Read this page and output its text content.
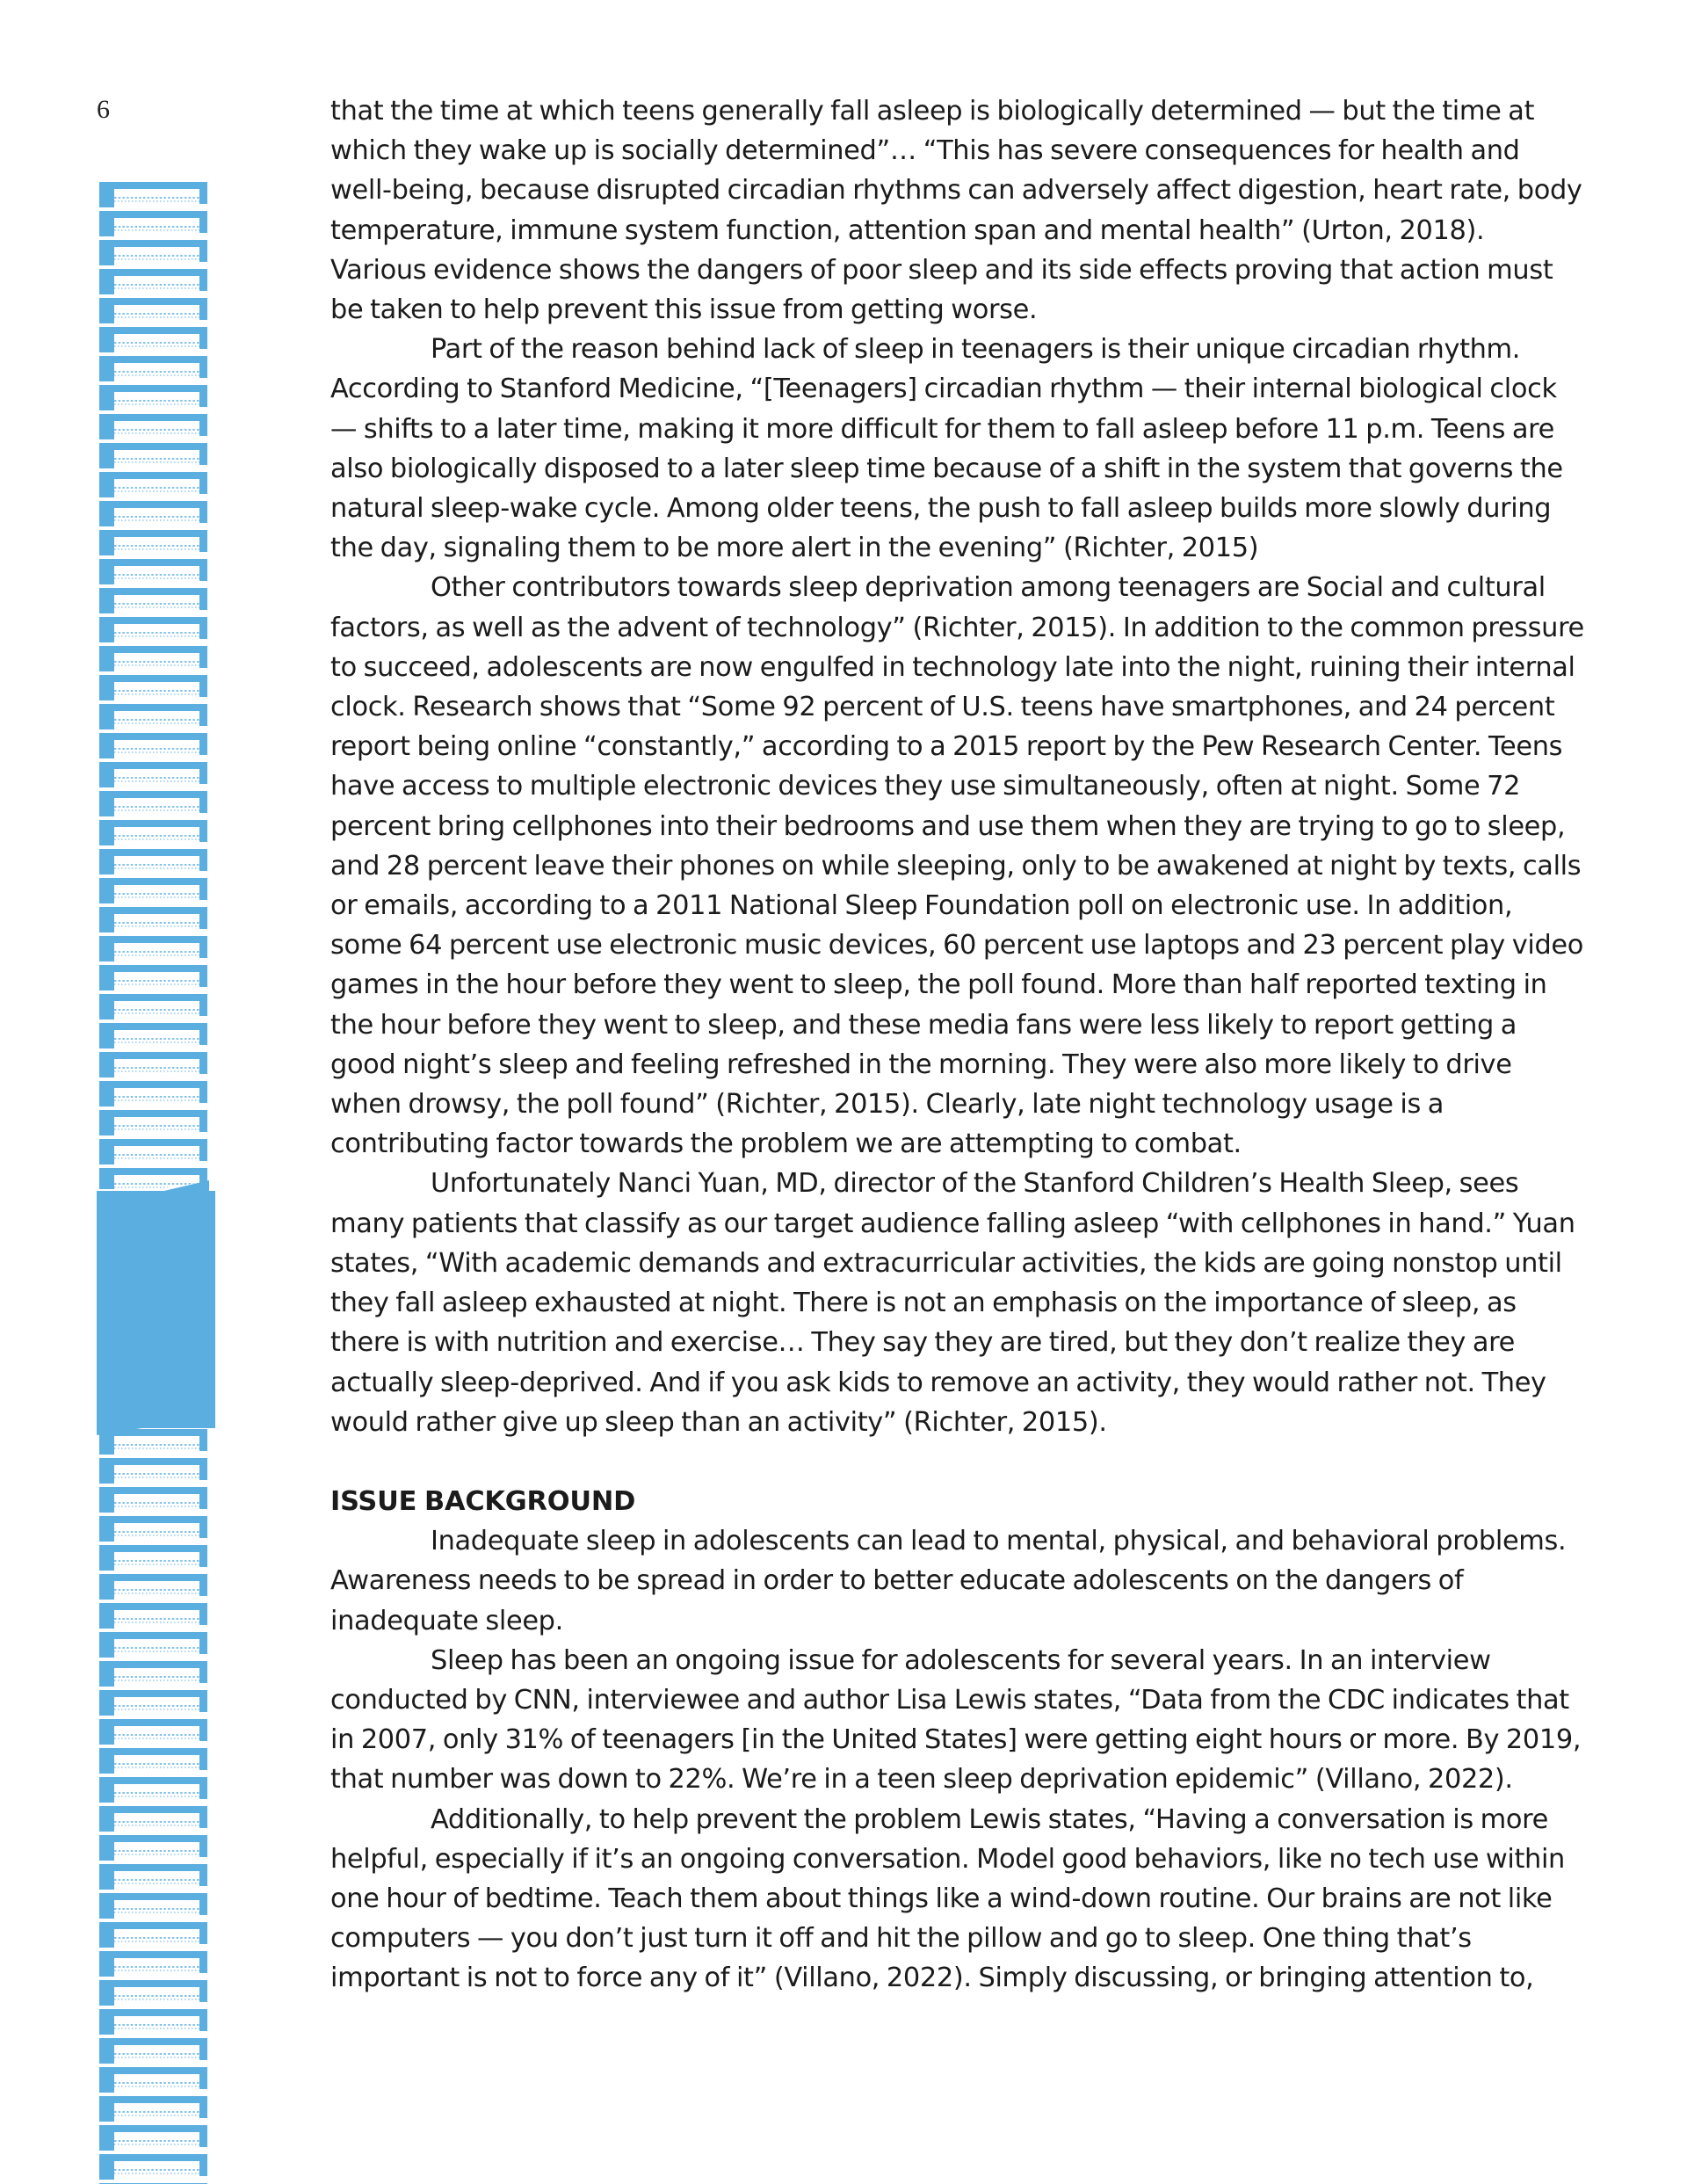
6	that the time at which teens generally fall asleep is biologically determined — but the time at which they wake up is socially determined”… “This has severe consequences for health and well-being, because disrupted circadian rhythms can adversely affect digestion, heart rate, body temperature, immune system function, attention span and mental health” (Urton, 2018). Various evidence shows the dangers of poor sleep and its side effects proving that action must be taken to help prevent this issue from getting worse.

Part of the reason behind lack of sleep in teenagers is their unique circadian rhythm. According to Stanford Medicine, “[Teenagers] circadian rhythm — their internal biological clock — shifts to a later time, making it more difficult for them to fall asleep before 11 p.m. Teens are also biologically disposed to a later sleep time because of a shift in the system that governs the natural sleep-wake cycle. Among older teens, the push to fall asleep builds more slowly during the day, signaling them to be more alert in the evening” (Richter, 2015)

Other contributors towards sleep deprivation among teenagers are Social and cultural factors, as well as the advent of technology” (Richter, 2015). In addition to the common pressure to succeed, adolescents are now engulfed in technology late into the night, ruining their internal clock. Research shows that “Some 92 percent of U.S. teens have smartphones, and 24 percent report being online “constantly,” according to a 2015 report by the Pew Research Center. Teens have access to multiple electronic devices they use simultaneously, often at night. Some 72 percent bring cellphones into their bedrooms and use them when they are trying to go to sleep, and 28 percent leave their phones on while sleeping, only to be awakened at night by texts, calls or emails, according to a 2011 National Sleep Foundation poll on electronic use. In addition, some 64 percent use electronic music devices, 60 percent use laptops and 23 percent play video games in the hour before they went to sleep, the poll found. More than half reported texting in the hour before they went to sleep, and these media fans were less likely to report getting a good night’s sleep and feeling refreshed in the morning. They were also more likely to drive when drowsy, the poll found” (Richter, 2015). Clearly, late night technology usage is a contributing factor towards the problem we are attempting to combat.

Unfortunately Nanci Yuan, MD, director of the Stanford Children’s Health Sleep, sees many patients that classify as our target audience falling asleep “with cellphones in hand.” Yuan states, “With academic demands and extracurricular activities, the kids are going nonstop until they fall asleep exhausted at night. There is not an emphasis on the importance of sleep, as there is with nutrition and exercise… They say they are tired, but they don’t realize they are actually sleep-deprived. And if you ask kids to remove an activity, they would rather not. They would rather give up sleep than an activity” (Richter, 2015).

ISSUE BACKGROUND

Inadequate sleep in adolescents can lead to mental, physical, and behavioral problems. Awareness needs to be spread in order to better educate adolescents on the dangers of inadequate sleep.

Sleep has been an ongoing issue for adolescents for several years. In an interview conducted by CNN, interviewee and author Lisa Lewis states, “Data from the CDC indicates that in 2007, only 31% of teenagers [in the United States] were getting eight hours or more. By 2019, that number was down to 22%. We’re in a teen sleep deprivation epidemic” (Villano, 2022).

Additionally, to help prevent the problem Lewis states, “Having a conversation is more helpful, especially if it’s an ongoing conversation. Model good behaviors, like no tech use within one hour of bedtime. Teach them about things like a wind-down routine. Our brains are not like computers — you don’t just turn it off and hit the pillow and go to sleep. One thing that’s important is not to force any of it” (Villano, 2022). Simply discussing, or bringing attention to,
